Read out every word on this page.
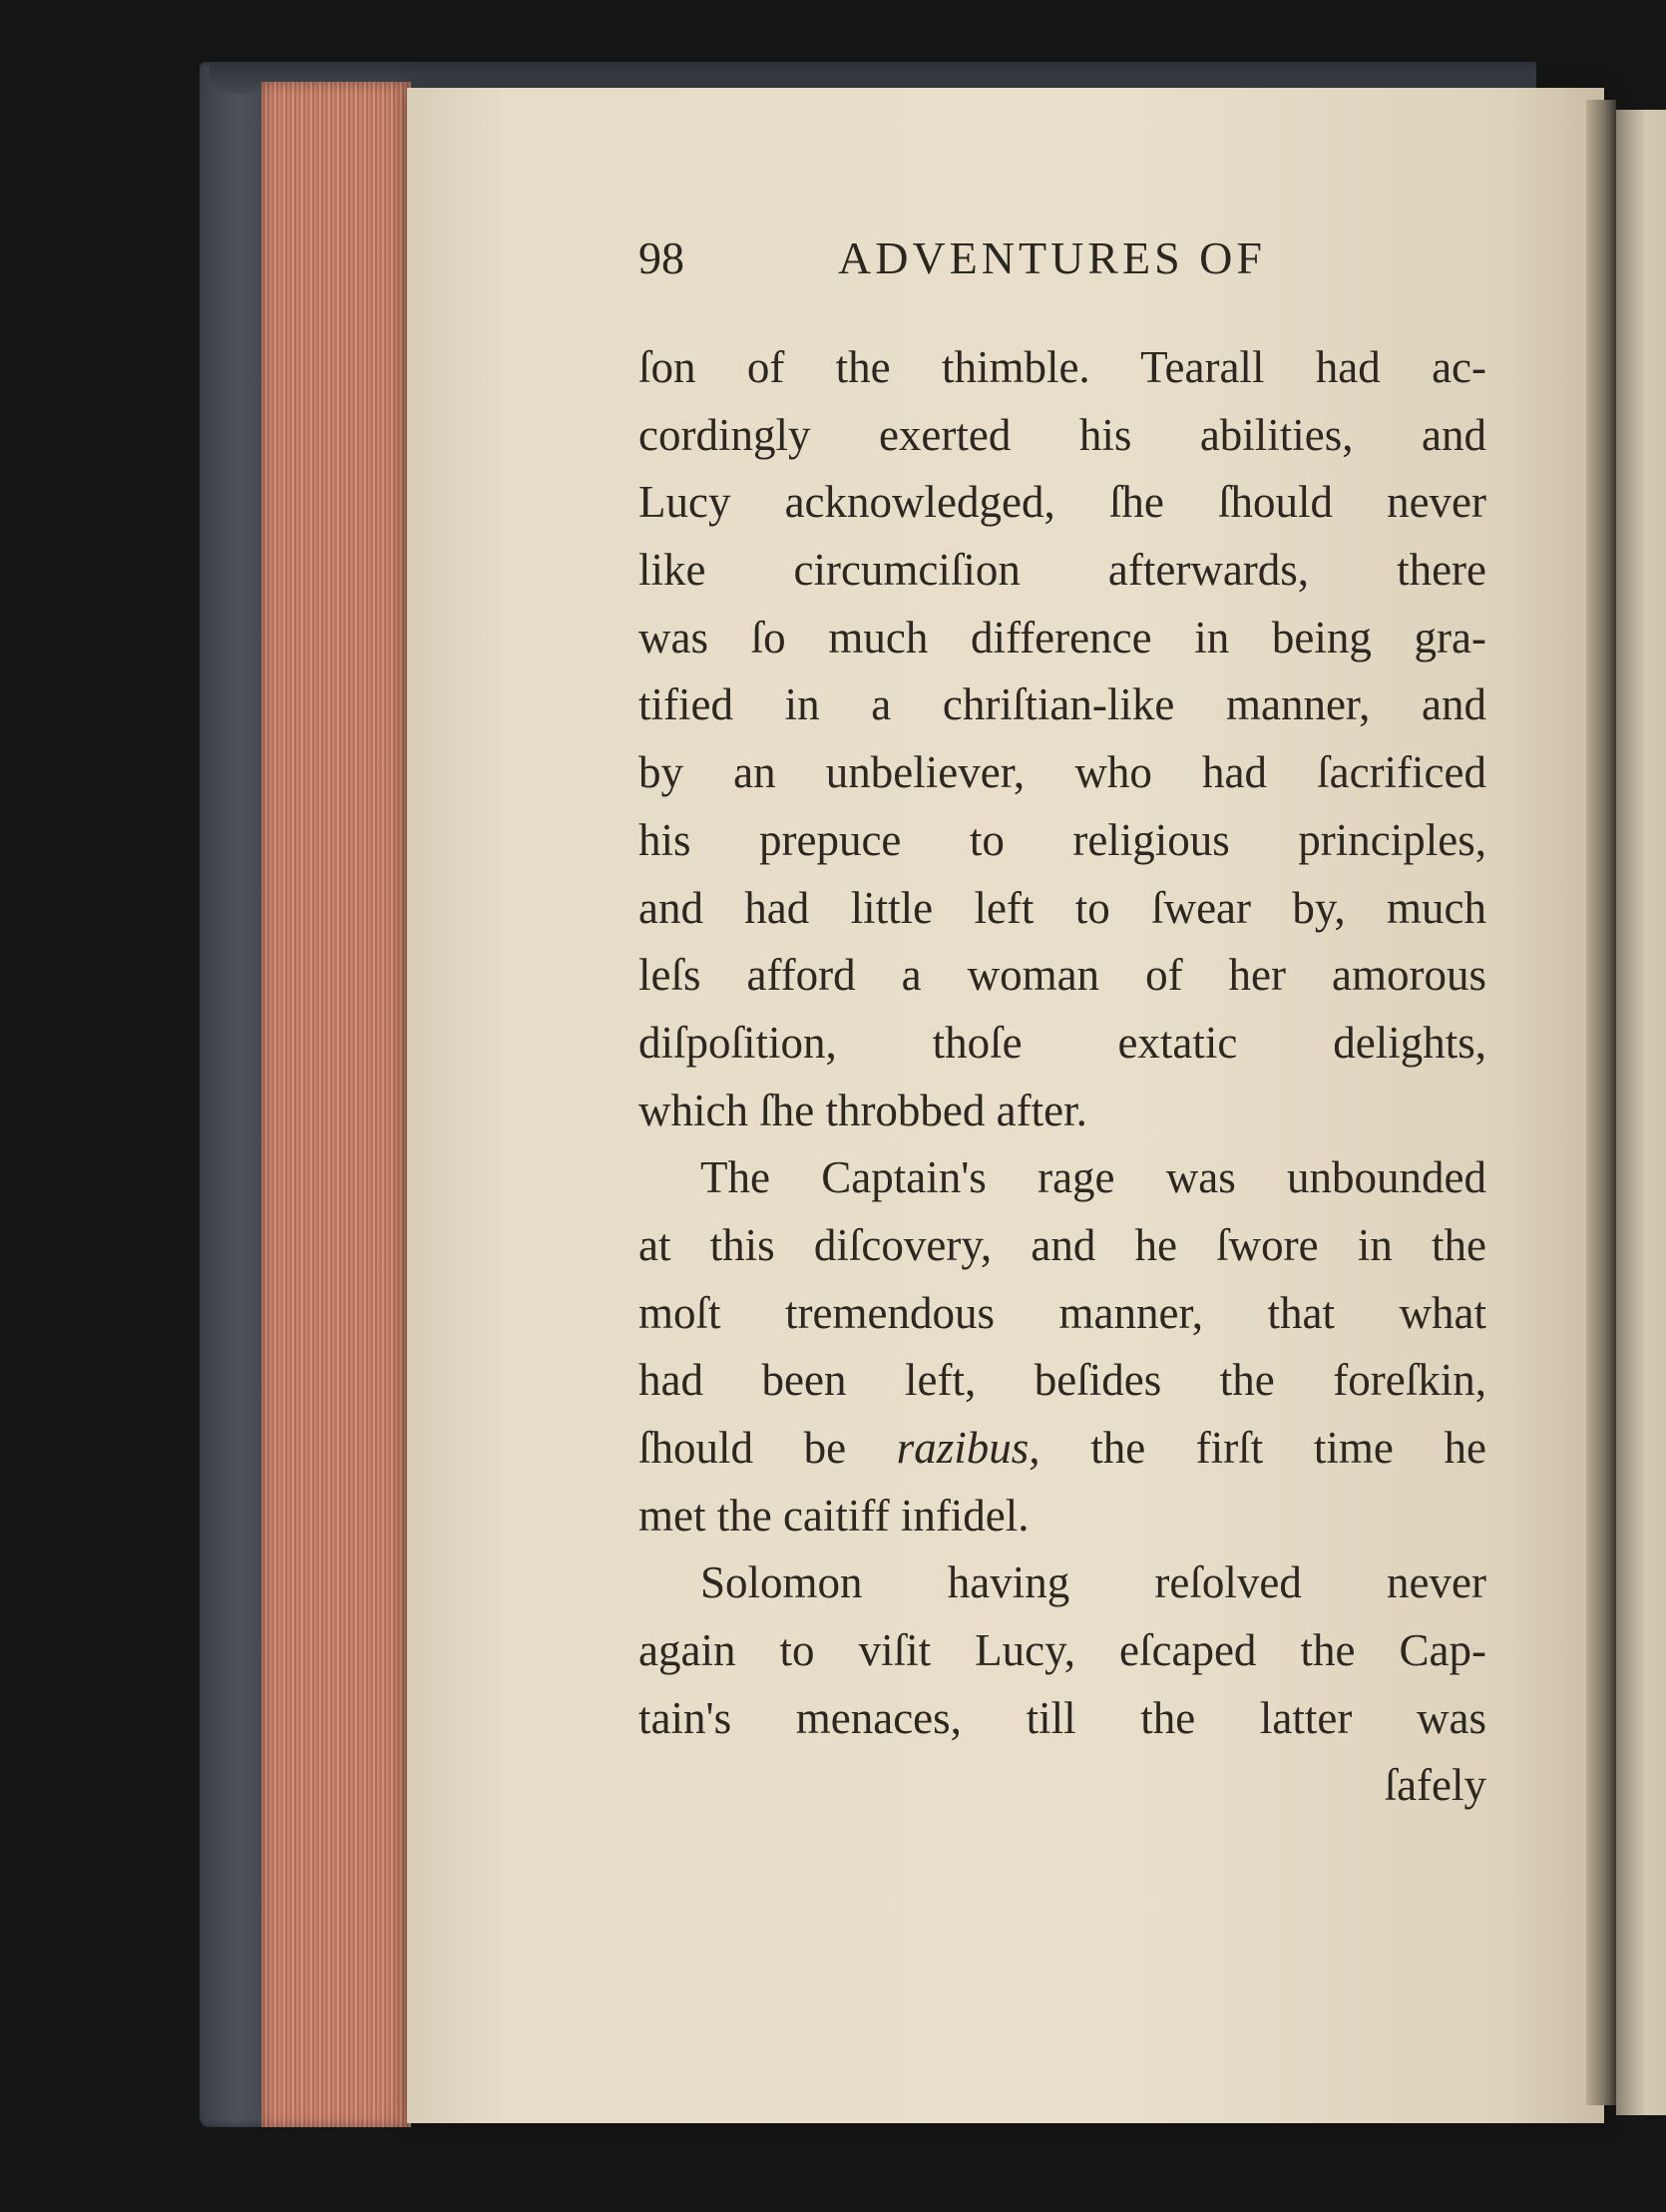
98	ADVENTURES OF
ſon of the thimble. Tearall had ac-
cordingly exerted his abilities, and
Lucy acknowledged, ſhe ſhould never
like circumciſion afterwards, there
was ſo much difference in being gra-
tified in a chriſtian-like manner, and
by an unbeliever, who had ſacrificed
his prepuce to religious principles,
and had little left to ſwear by, much
leſs afford a woman of her amorous
diſpoſition, thoſe extatic delights,
which ſhe throbbed after.
The Captain's rage was unbounded
at this diſcovery, and he ſwore in the
moſt tremendous manner, that what
had been left, beſides the foreſkin,
ſhould be razibus, the firſt time he
met the caitiff infidel.
Solomon having reſolved never
again to viſit Lucy, eſcaped the Cap-
tain's menaces, till the latter was
ſafely
